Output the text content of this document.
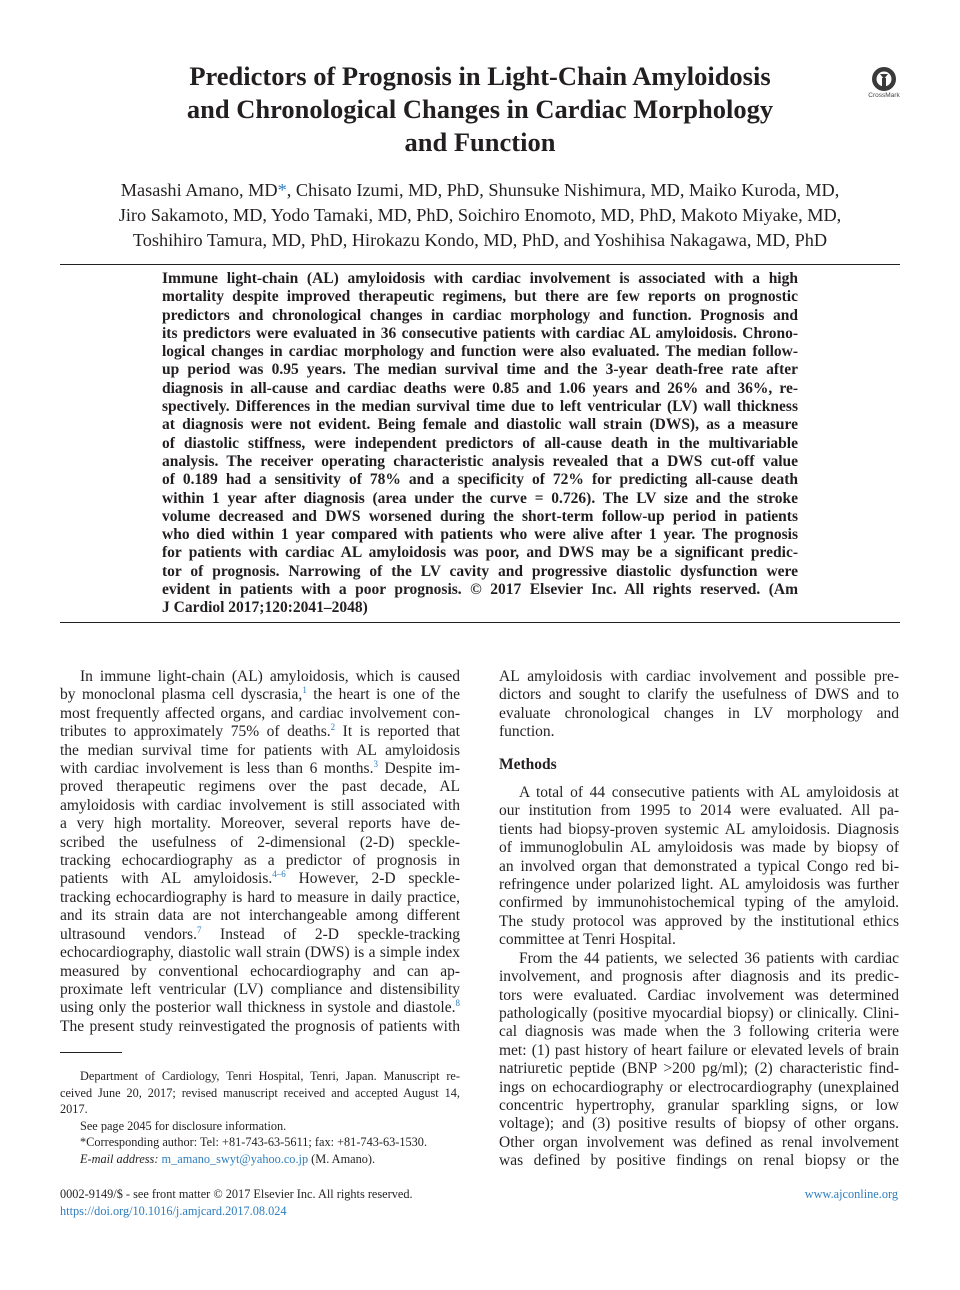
Predictors of Prognosis in Light-Chain Amyloidosis
and Chronological Changes in Cardiac Morphology
and Function
CrossMark
Masashi Amano, MD*, Chisato Izumi, MD, PhD, Shunsuke Nishimura, MD, Maiko Kuroda, MD,
Jiro Sakamoto, MD, Yodo Tamaki, MD, PhD, Soichiro Enomoto, MD, PhD, Makoto Miyake, MD,
Toshihiro Tamura, MD, PhD, Hirokazu Kondo, MD, PhD, and Yoshihisa Nakagawa, MD, PhD
Immune light-chain (AL) amyloidosis with cardiac involvement is associated with a high
mortality despite improved therapeutic regimens, but there are few reports on prognostic
predictors and chronological changes in cardiac morphology and function. Prognosis and
its predictors were evaluated in 36 consecutive patients with cardiac AL amyloidosis. Chrono-
logical changes in cardiac morphology and function were also evaluated. The median follow-
up period was 0.95 years. The median survival time and the 3-year death-free rate after
diagnosis in all-cause and cardiac deaths were 0.85 and 1.06 years and 26% and 36%, re-
spectively. Differences in the median survival time due to left ventricular (LV) wall thickness
at diagnosis were not evident. Being female and diastolic wall strain (DWS), as a measure
of diastolic stiffness, were independent predictors of all-cause death in the multivariable
analysis. The receiver operating characteristic analysis revealed that a DWS cut-off value
of 0.189 had a sensitivity of 78% and a specificity of 72% for predicting all-cause death
within 1 year after diagnosis (area under the curve = 0.726). The LV size and the stroke
volume decreased and DWS worsened during the short-term follow-up period in patients
who died within 1 year compared with patients who were alive after 1 year. The prognosis
for patients with cardiac AL amyloidosis was poor, and DWS may be a significant predic-
tor of prognosis. Narrowing of the LV cavity and progressive diastolic dysfunction were
evident in patients with a poor prognosis. © 2017 Elsevier Inc. All rights reserved. (Am
J Cardiol 2017;120:2041–2048)
In immune light-chain (AL) amyloidosis, which is caused
by monoclonal plasma cell dyscrasia,$^1$ the heart is one of the
most frequently affected organs, and cardiac involvement con-
tributes to approximately 75% of deaths.$^2$ It is reported that
the median survival time for patients with AL amyloidosis
with cardiac involvement is less than 6 months.$^3$ Despite im-
proved therapeutic regimens over the past decade, AL
amyloidosis with cardiac involvement is still associated with
a very high mortality. Moreover, several reports have de-
scribed the usefulness of 2-dimensional (2-D) speckle-
tracking echocardiography as a predictor of prognosis in
patients with AL amyloidosis.$^{4-6}$ However, 2-D speckle-
tracking echocardiography is hard to measure in daily practice,
and its strain data are not interchangeable among different
ultrasound vendors.$^7$ Instead of 2-D speckle-tracking
echocardiography, diastolic wall strain (DWS) is a simple index
measured by conventional echocardiography and can ap-
proximate left ventricular (LV) compliance and distensibility
using only the posterior wall thickness in systole and diastole.$^8$
The present study reinvestigated the prognosis of patients with
AL amyloidosis with cardiac involvement and possible pre-
dictors and sought to clarify the usefulness of DWS and to
evaluate chronological changes in LV morphology and
function.
Methods
A total of 44 consecutive patients with AL amyloidosis at
our institution from 1995 to 2014 were evaluated. All pa-
tients had biopsy-proven systemic AL amyloidosis. Diagnosis
of immunoglobulin AL amyloidosis was made by biopsy of
an involved organ that demonstrated a typical Congo red bi-
refringence under polarized light. AL amyloidosis was further
confirmed by immunohistochemical typing of the amyloid.
The study protocol was approved by the institutional ethics
committee at Tenri Hospital.
From the 44 patients, we selected 36 patients with cardiac
involvement, and prognosis after diagnosis and its predic-
tors were evaluated. Cardiac involvement was determined
pathologically (positive myocardial biopsy) or clinically. Clini-
cal diagnosis was made when the 3 following criteria were
met: (1) past history of heart failure or elevated levels of brain
natriuretic peptide (BNP >200 pg/ml); (2) characteristic find-
ings on echocardiography or electrocardiography (unexplained
concentric hypertrophy, granular sparkling signs, or low
voltage); and (3) positive results of biopsy of other organs.
Other organ involvement was defined as renal involvement
was defined by positive findings on renal biopsy or the
Department of Cardiology, Tenri Hospital, Tenri, Japan. Manuscript re-
ceived June 20, 2017; revised manuscript received and accepted August 14,
2017.
See page 2045 for disclosure information.
*Corresponding author: Tel: +81-743-63-5611; fax: +81-743-63-1530.
E-mail address: m_amano_swyt@yahoo.co.jp (M. Amano).
0002-9149/$ - see front matter © 2017 Elsevier Inc. All rights reserved.
https://doi.org/10.1016/j.amjcard.2017.08.024
www.ajconline.org
